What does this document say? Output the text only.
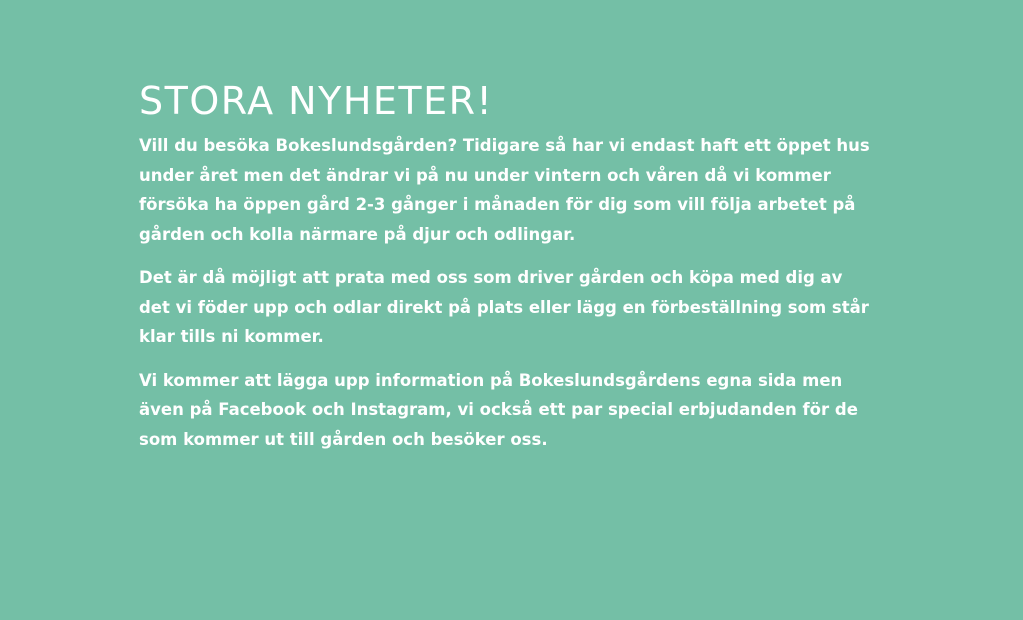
STORA NYHETER!

Vill du besöka Bokeslundsgården? Tidigare så har vi endast haft ett öppet hus under året men det ändrar vi på nu under vintern och våren då vi kommer försöka ha öppen gård 2-3 gånger i månaden för dig som vill följa arbetet på gården och kolla närmare på djur och odlingar.

Det är då möjligt att prata med oss som driver gården och köpa med dig av det vi föder upp och odlar direkt på plats eller lägg en förbeställning som står klar tills ni kommer.

Vi kommer att lägga upp information på Bokeslundsgårdens egna sida men även på Facebook och Instagram, vi också ett par special erbjudanden för de som kommer ut till gården och besöker oss.
